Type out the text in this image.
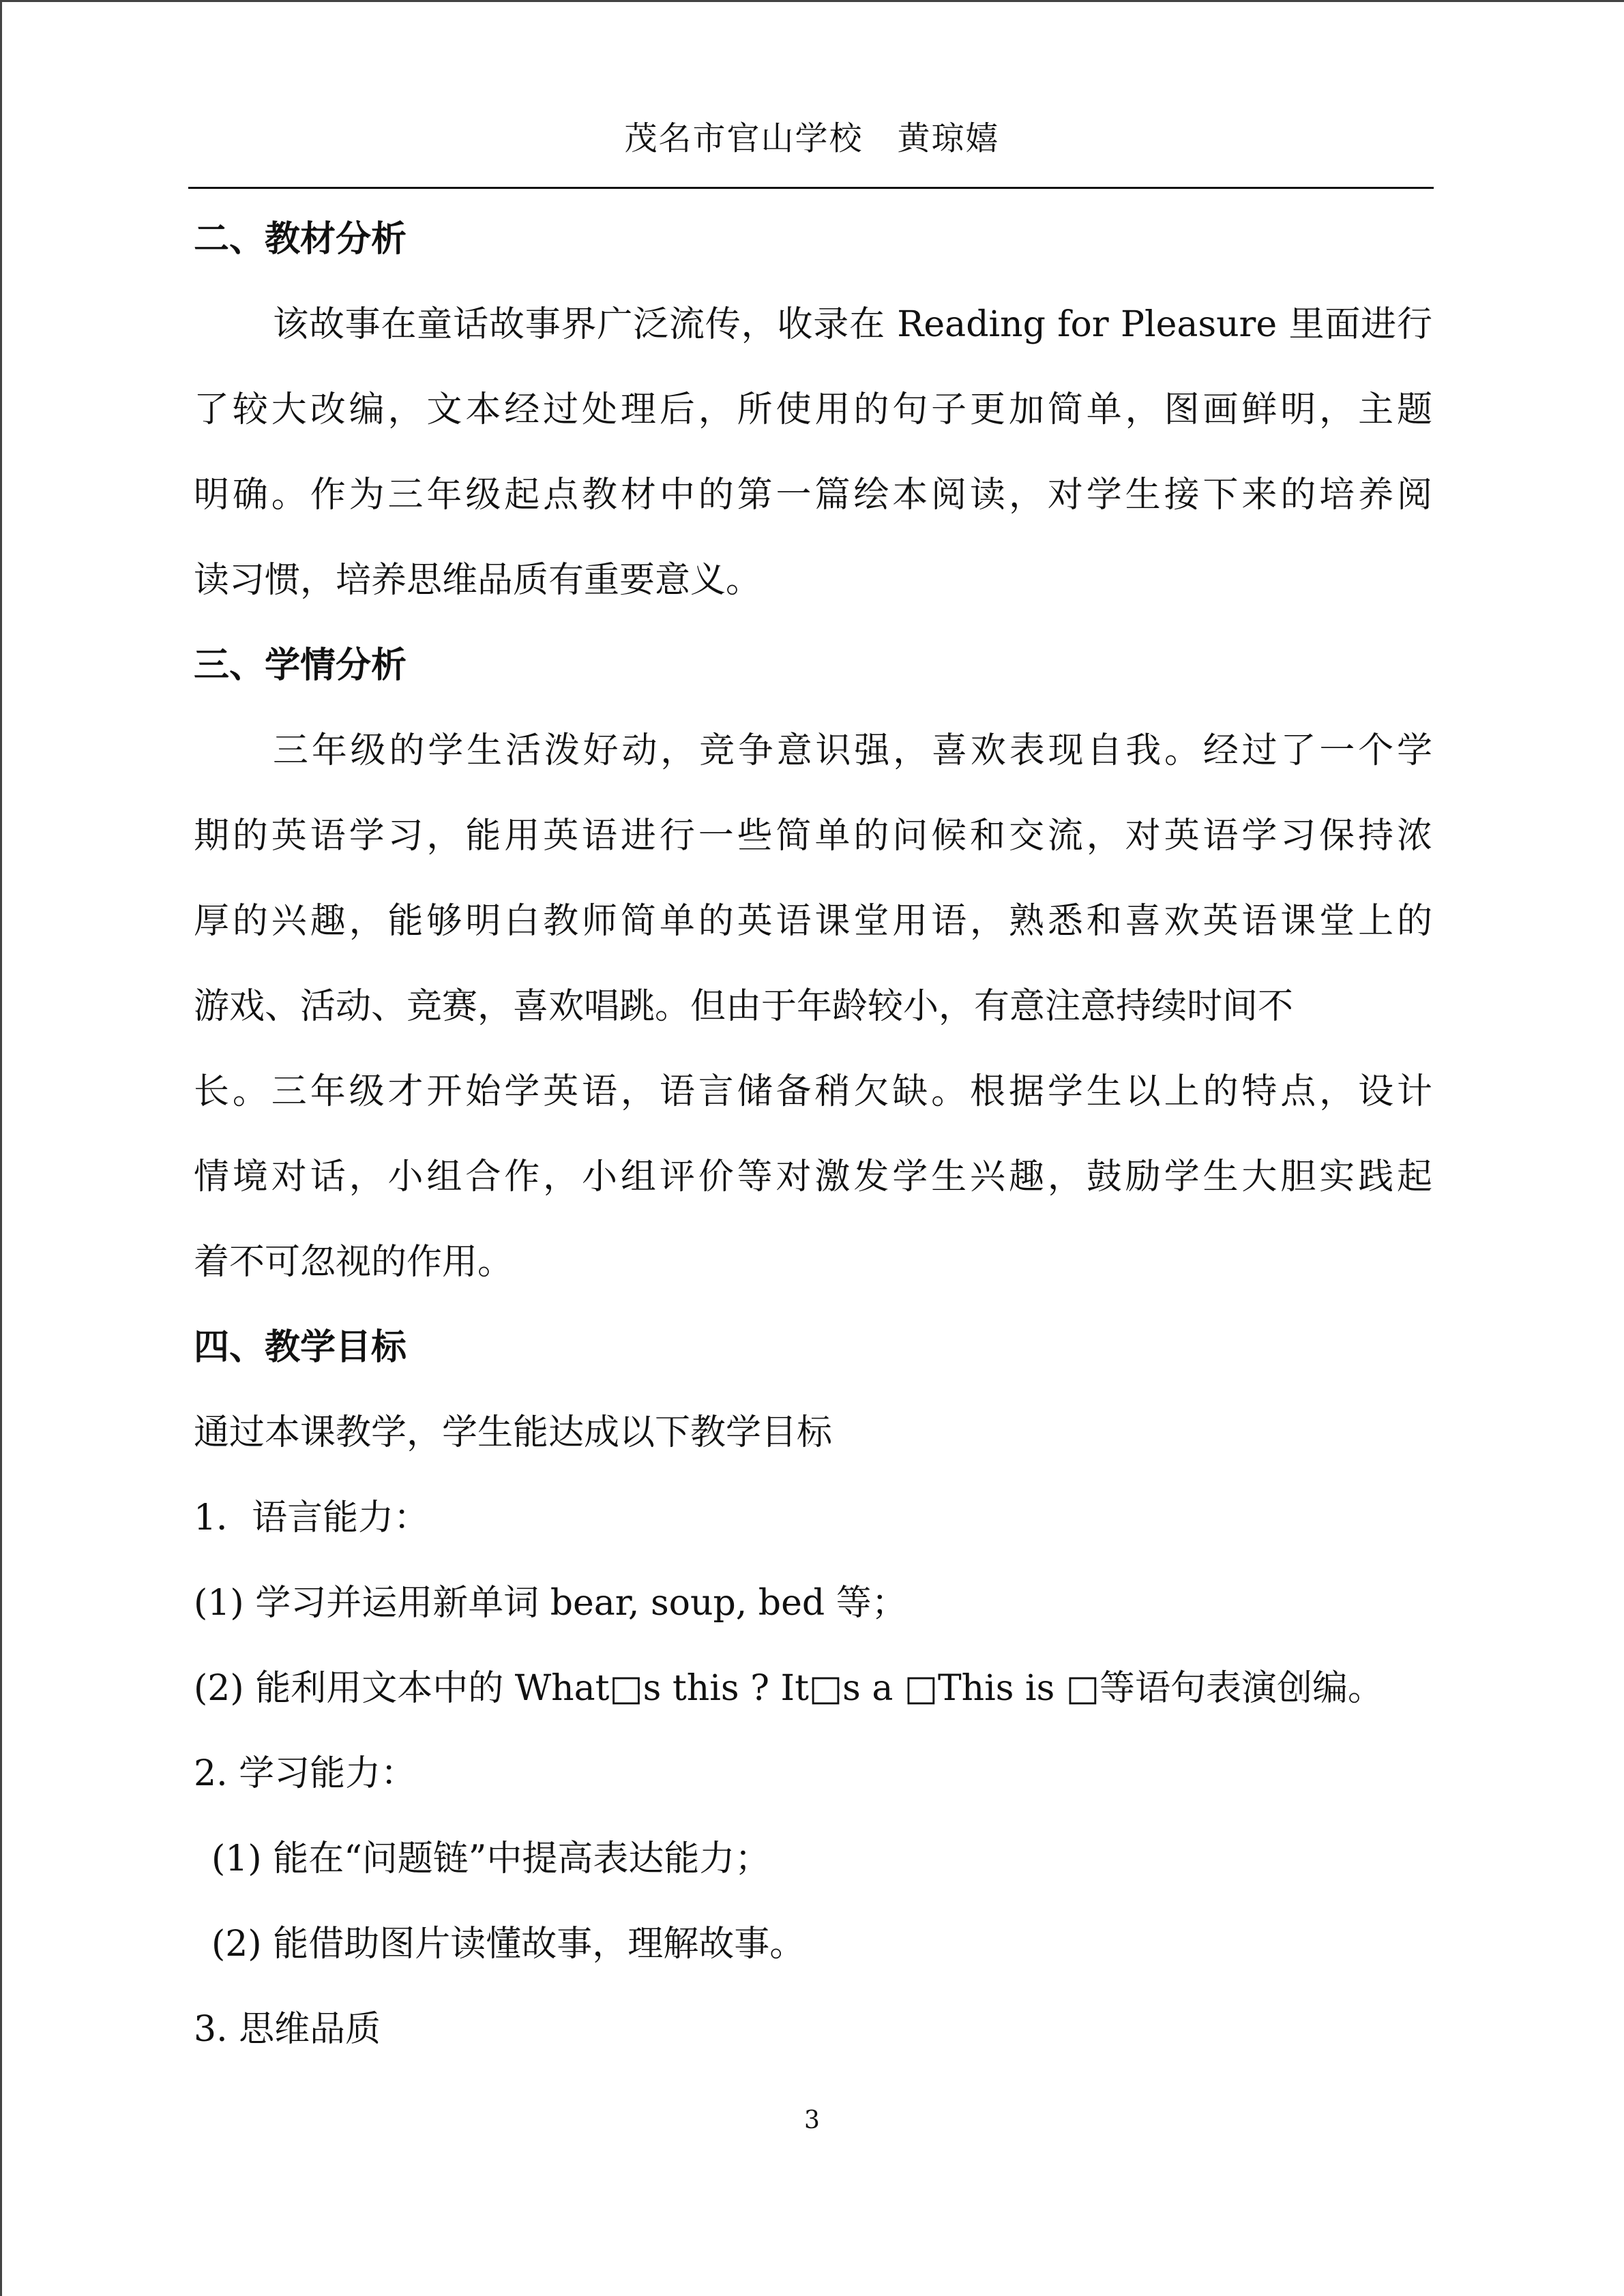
茂名市官山学校　黄琼嬉
二、教材分析
该故事在童话故事界广泛流传，收录在 Reading for Pleasure 里面进行
了较大改编，文本经过处理后，所使用的句子更加简单，图画鲜明，主题
明确。作为三年级起点教材中的第一篇绘本阅读，对学生接下来的培养阅
读习惯，培养思维品质有重要意义。
三、学情分析
三年级的学生活泼好动，竞争意识强，喜欢表现自我。经过了一个学
期的英语学习，能用英语进行一些简单的问候和交流，对英语学习保持浓
厚的兴趣，能够明白教师简单的英语课堂用语，熟悉和喜欢英语课堂上的
游戏、活动、竞赛，喜欢唱跳。但由于年龄较小，有意注意持续时间不
长。三年级才开始学英语，语言储备稍欠缺。根据学生以上的特点，设计
情境对话，小组合作，小组评价等对激发学生兴趣，鼓励学生大胆实践起
着不可忽视的作用。
四、教学目标
通过本课教学，学生能达成以下教学目标
1．语言能力：
(1) 学习并运用新单词 bear, soup, bed 等；
(2) 能利用文本中的 What□s this ? It□s a □This is □等语句表演创编。
2. 学习能力：
(1) 能在“问题链”中提高表达能力；
(2) 能借助图片读懂故事，理解故事。
3. 思维品质
3
